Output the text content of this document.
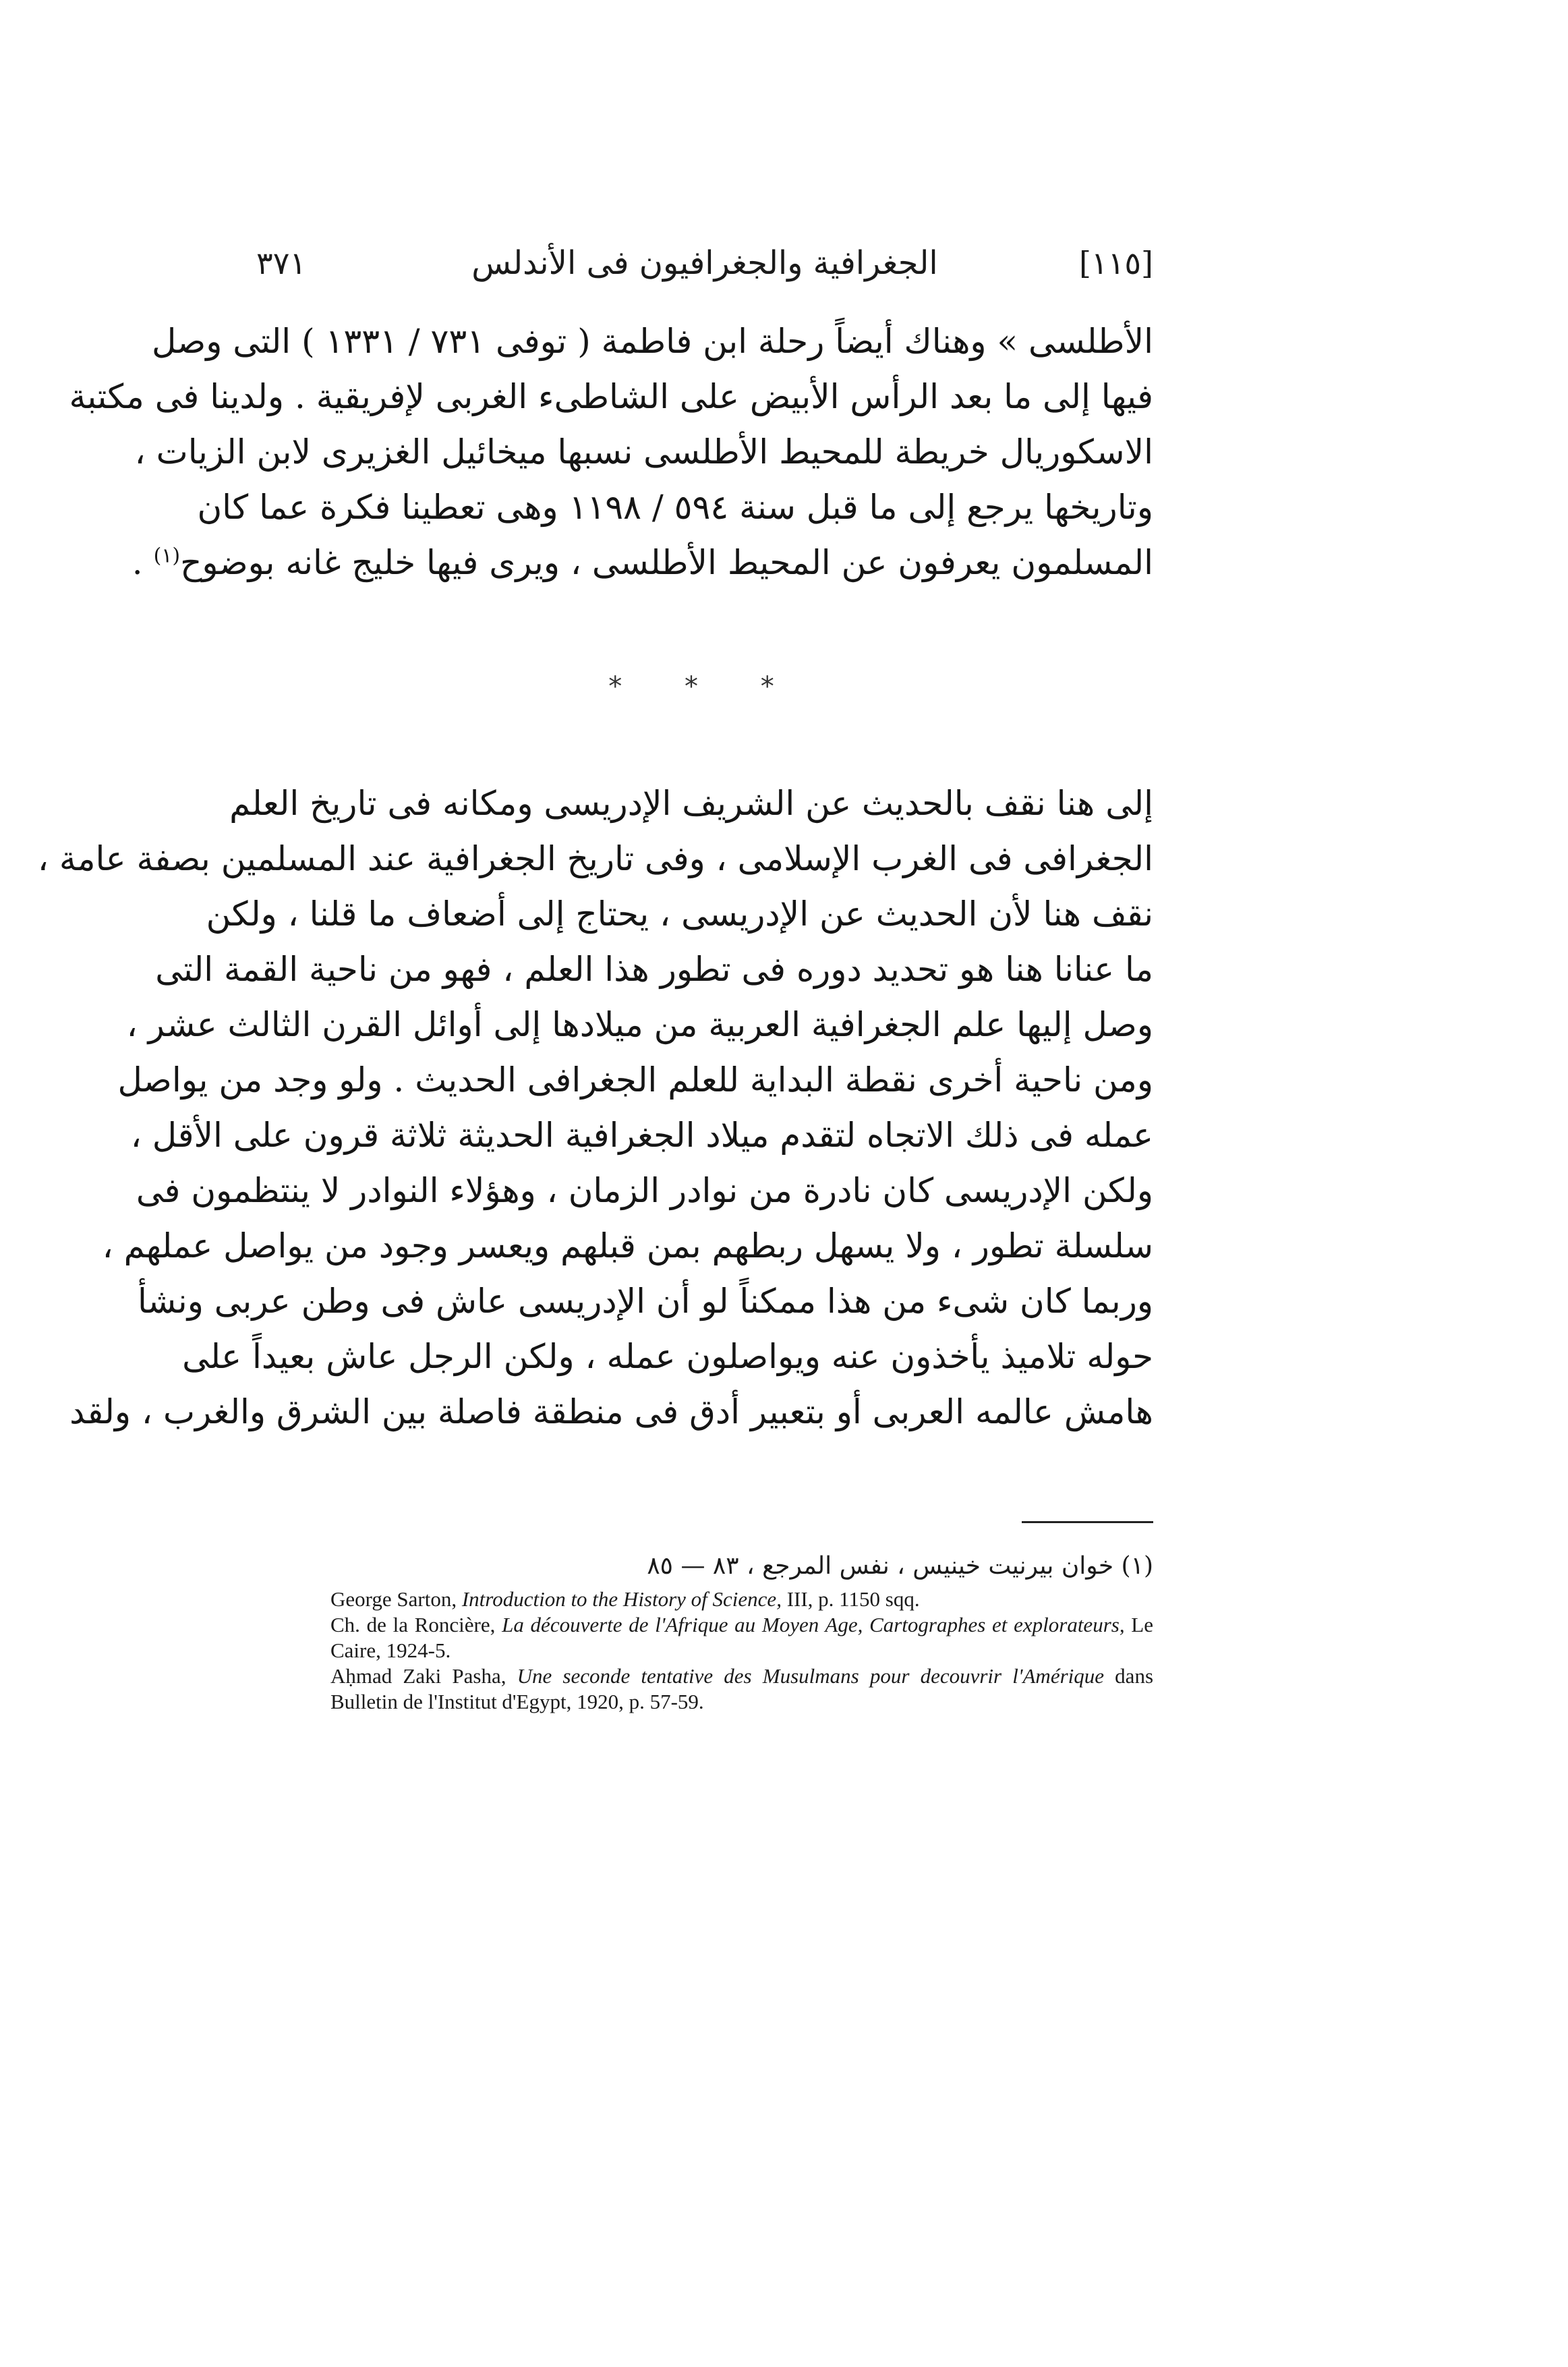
[١١٥]
الجغرافية والجغرافيون فى الأندلس
٣٧١
الأطلسى » وهناك أيضاً رحلة ابن فاطمة ( توفى ٧٣١ / ١٣٣١ ) التى وصل
فيها إلى ما بعد الرأس الأبيض على الشاطىء الغربى لإفريقية . ولدينا فى مكتبة
الاسكوريال خريطة للمحيط الأطلسى نسبها ميخائيل الغزيرى لابن الزيات ،
وتاريخها يرجع إلى ما قبل سنة ٥٩٤ / ١١٩٨ وهى تعطينا فكرة عما كان
المسلمون يعرفون عن المحيط الأطلسى ، ويرى فيها خليج غانه بوضوح$^{(١)}$ .
* * *
إلى هنا نقف بالحديث عن الشريف الإدريسى ومكانه فى تاريخ العلم
الجغرافى فى الغرب الإسلامى ، وفى تاريخ الجغرافية عند المسلمين بصفة عامة ،
نقف هنا لأن الحديث عن الإدريسى ، يحتاج إلى أضعاف ما قلنا ، ولكن
ما عنانا هنا هو تحديد دوره فى تطور هذا العلم ، فهو من ناحية القمة التى
وصل إليها علم الجغرافية العربية من ميلادها إلى أوائل القرن الثالث عشر ،
ومن ناحية أخرى نقطة البداية للعلم الجغرافى الحديث . ولو وجد من يواصل
عمله فى ذلك الاتجاه لتقدم ميلاد الجغرافية الحديثة ثلاثة قرون على الأقل ،
ولكن الإدريسى كان نادرة من نوادر الزمان ، وهؤلاء النوادر لا ينتظمون فى
سلسلة تطور ، ولا يسهل ربطهم بمن قبلهم ويعسر وجود من يواصل عملهم ،
وربما كان شىء من هذا ممكناً لو أن الإدريسى عاش فى وطن عربى ونشأ
حوله تلاميذ يأخذون عنه ويواصلون عمله ، ولكن الرجل عاش بعيداً على
هامش عالمه العربى أو بتعبير أدق فى منطقة فاصلة بين الشرق والغرب ، ولقد
(١) خوان بيرنيت خينيس ، نفس المرجع ، ٨٣ — ٨٥
George Sarton, Introduction to the History of Science, III, p. 1150 sqq.
Ch. de la Roncière, La découverte de l'Afrique au Moyen Age, Cartographes et explorateurs, Le Caire, 1924-5.
Aḥmad Zaki Pasha, Une seconde tentative des Musulmans pour decouvrir l'Amérique dans Bulletin de l'Institut d'Egypt, 1920, p. 57-59.
